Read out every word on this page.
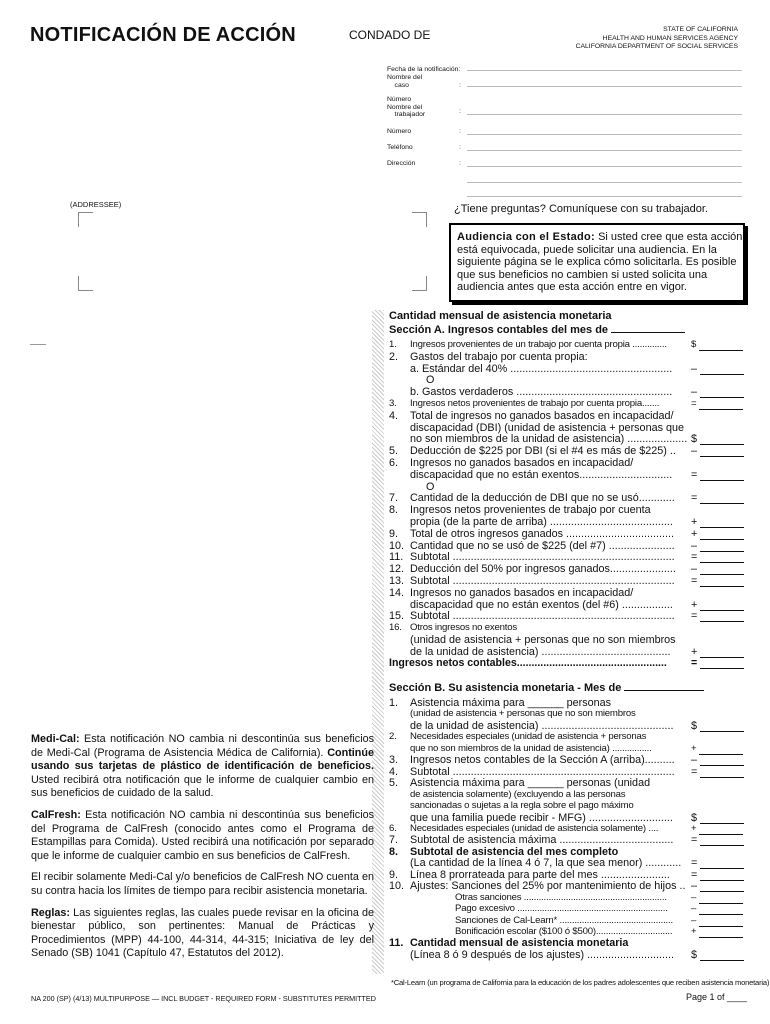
NOTIFICACIÓN DE ACCIÓN	CONDADO DE	STATE OF CALIFORNIA
HEALTH AND HUMAN SERVICES AGENCY
CALIFORNIA DEPARTMENT OF SOCIAL SERVICES
Fecha de la notificación:
Nombre del
caso	:
Número
Nombre del
trabajador	:
Número	:
Teléfono	:
Dirección	:
(ADDRESSEE)	¿Tiene preguntas? Comuníquese con su trabajador.
Audiencia con el Estado: Si usted cree que esta acción está equivocada, puede solicitar una audiencia. En la siguiente página se le explica cómo solicitarla. Es posible que sus beneficios no cambien si usted solicita una audiencia antes que esta acción entre en vigor.
Cantidad mensual de asistencia monetaria
Sección A. Ingresos contables del mes de
1. Ingresos provenientes de un trabajo por cuenta propia ..............	$
2. Gastos del trabajo por cuenta propia:
a. Estándar del 40% ...................................................... –
O
b. Gastos verdaderos .................................................... –
3. Ingresos netos provenientes de trabajo por cuenta propia.......	=
4. Total de ingresos no ganados basados en incapacidad/
discapacidad (DBI) (unidad de asistencia + personas que
no son miembros de la unidad de asistencia) .................... $
5. Deducción de $225 por DBI (si el #4 es más de $225) .. –
6. Ingresos no ganados basados en incapacidad/
discapacidad que no están exentos............................... =
O
7. Cantidad de la deducción de DBI que no se usó............ =
8. Ingresos netos provenientes de trabajo por cuenta
propia (de la parte de arriba) ......................................... +
9. Total de otros ingresos ganados .................................... +
10. Cantidad que no se usó de $225 (del #7) ...................... –
11. Subtotal .......................................................................... =
12. Deducción del 50% por ingresos ganados...................... –
13. Subtotal .......................................................................... =
14. Ingresos no ganados basados en incapacidad/
discapacidad que no están exentos (del #6) ................. +
15. Subtotal .......................................................................... =
16. Otros ingresos no exentos
(unidad de asistencia + personas que no son miembros
de la unidad de asistencia) ........................................... +
Ingresos netos contables................................................... =
Sección B. Su asistencia monetaria - Mes de
1. Asistencia máxima para ______ personas
(unidad de asistencia + personas que no son miembros
de la unidad de asistencia) ............................................ $
2. Necesidades especiales (unidad de asistencia + personas
que no son miembros de la unidad de asistencia) ................	+
3. Ingresos netos contables de la Sección A (arriba).......... –
4. Subtotal .......................................................................... =
5. Asistencia máxima para ______ personas (unidad
de asistencia solamente) (excluyendo a las personas
sancionadas o sujetas a la regla sobre el pago máximo
que una familia puede recibir - MFG) ............................ $
6. Necesidades especiales (unidad de asistencia solamente) ....	+
7. Subtotal de asistencia máxima ...................................... =
8. Subtotal de asistencia del mes completo
(La cantidad de la línea 4 ó 7, la que sea menor) ............ =
9. Línea 8 prorrateada para parte del mes ....................... =
10. Ajustes: Sanciones del 25% por mantenimiento de hijos .. –
Otras sanciones ..........................................................	–
Pago excesivo ............................................................. –
Sanciones de Cal-Learn* .............................................. –
Bonificación escolar ($100 ó $500)............................... +
11. Cantidad mensual de asistencia monetaria
(Línea 8 ó 9 después de los ajustes) ............................. $

Medi-Cal: Esta notificación NO cambia ni descontinúa sus beneficios de Medi-Cal (Programa de Asistencia Médica de California). Continúe usando sus tarjetas de plástico de identificación de beneficios. Usted recibirá otra notificación que le informe de cualquier cambio en sus beneficios de cuidado de la salud.

CalFresh: Esta notificación NO cambia ni descontinúa sus beneficios del Programa de CalFresh (conocido antes como el Programa de Estampillas para Comida). Usted recibirá una notificación por separado que le informe de cualquier cambio en sus beneficios de CalFresh.

El recibir solamente Medi-Cal y/o beneficios de CalFresh NO cuenta en su contra hacia los límites de tiempo para recibir asistencia monetaria.

Reglas: Las siguientes reglas, las cuales puede revisar en la oficina de bienestar público, son pertinentes: Manual de Prácticas y Procedimientos (MPP) 44-100, 44-314, 44-315; Iniciativa de ley del Senado (SB) 1041 (Capítulo 47, Estatutos del 2012).

*Cal-Learn (un programa de California para la educación de los padres adolescentes que reciben asistencia monetaria)
NA 200 (SP) (4/13) MULTIPURPOSE — INCL BUDGET - REQUIRED FORM - SUBSTITUTES PERMITTED	Page 1 of ____
